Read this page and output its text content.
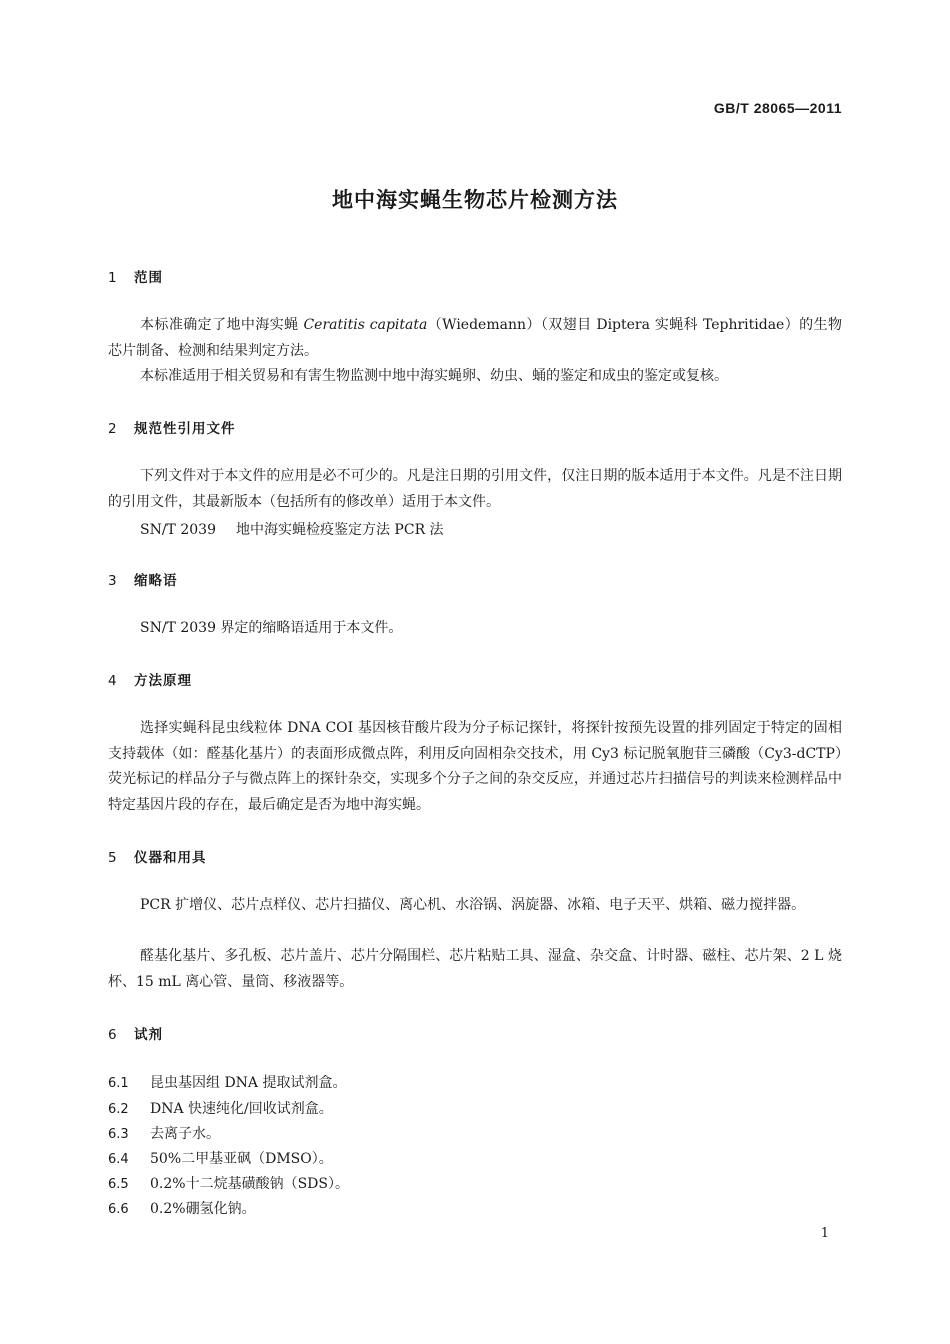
GB/T 28065—2011
地中海实蝇生物芯片检测方法
1 范围
本标准确定了地中海实蝇 Ceratitis capitata（Wiedemann）（双翅目 Diptera 实蝇科 Tephritidae）的生物芯片制备、检测和结果判定方法。
本标准适用于相关贸易和有害生物监测中地中海实蝇卵、幼虫、蛹的鉴定和成虫的鉴定或复核。
2 规范性引用文件
下列文件对于本文件的应用是必不可少的。凡是注日期的引用文件，仅注日期的版本适用于本文件。凡是不注日期的引用文件，其最新版本（包括所有的修改单）适用于本文件。
SN/T 2039 地中海实蝇检疫鉴定方法 PCR 法
3 缩略语
SN/T 2039 界定的缩略语适用于本文件。
4 方法原理
选择实蝇科昆虫线粒体 DNA COI 基因核苷酸片段为分子标记探针，将探针按预先设置的排列固定于特定的固相支持载体（如：醛基化基片）的表面形成微点阵，利用反向固相杂交技术，用 Cy3 标记脱氧胞苷三磷酸（Cy3-dCTP）荧光标记的样品分子与微点阵上的探针杂交，实现多个分子之间的杂交反应，并通过芯片扫描信号的判读来检测样品中特定基因片段的存在，最后确定是否为地中海实蝇。
5 仪器和用具
PCR 扩增仪、芯片点样仪、芯片扫描仪、离心机、水浴锅、涡旋器、冰箱、电子天平、烘箱、磁力搅拌器。
醛基化基片、多孔板、芯片盖片、芯片分隔围栏、芯片粘贴工具、湿盒、杂交盒、计时器、磁柱、芯片架、2 L 烧杯、15 mL 离心管、量筒、移液器等。
6 试剂
6.1 昆虫基因组 DNA 提取试剂盒。
6.2 DNA 快速纯化/回收试剂盒。
6.3 去离子水。
6.4 50%二甲基亚砜（DMSO）。
6.5 0.2%十二烷基磺酸钠（SDS）。
6.6 0.2%硼氢化钠。
1
